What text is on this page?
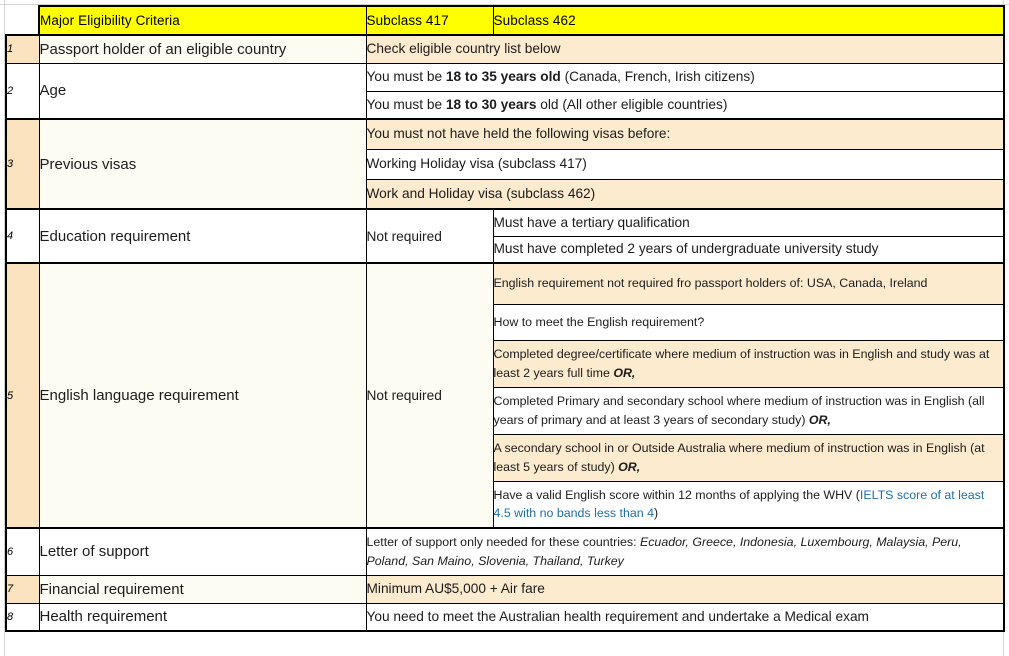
	Major Eligibility Criteria	Subclass 417	Subclass 462
1	Passport holder of an eligible country	Check eligible country list below	
2	Age	You must be 18 to 35 years old (Canada, French, Irish citizens)	
		You must be 18 to 30 years old (All other eligible countries)	
3	Previous visas	You must not have held the following visas before:	
		Working Holiday visa (subclass 417)	
		Work and Holiday visa (subclass 462)	
4	Education requirement	Not required	Must have a tertiary qualification
			Must have completed 2 years of undergraduate university study
5	English language requirement	Not required	English requirement not required fro passport holders of: USA, Canada, Ireland
			How to meet the English requirement?
			Completed degree/certificate where medium of instruction was in English and study was at least 2 years full time OR,
			Completed Primary and secondary school where medium of instruction was in English (all years of primary and at least 3 years of secondary study) OR,
			A secondary school in or Outside Australia where medium of instruction was in English (at least 5 years of study) OR,
			Have a valid English score within 12 months of applying the WHV (IELTS score of at least 4.5 with no bands less than 4)
6	Letter of support	Letter of support only needed for these countries: Ecuador, Greece, Indonesia, Luxembourg, Malaysia, Peru, Poland, San Maino, Slovenia, Thailand, Turkey	
7	Financial requirement	Minimum AU$5,000 + Air fare	
8	Health requirement	You need to meet the Australian health requirement and undertake a Medical exam	
